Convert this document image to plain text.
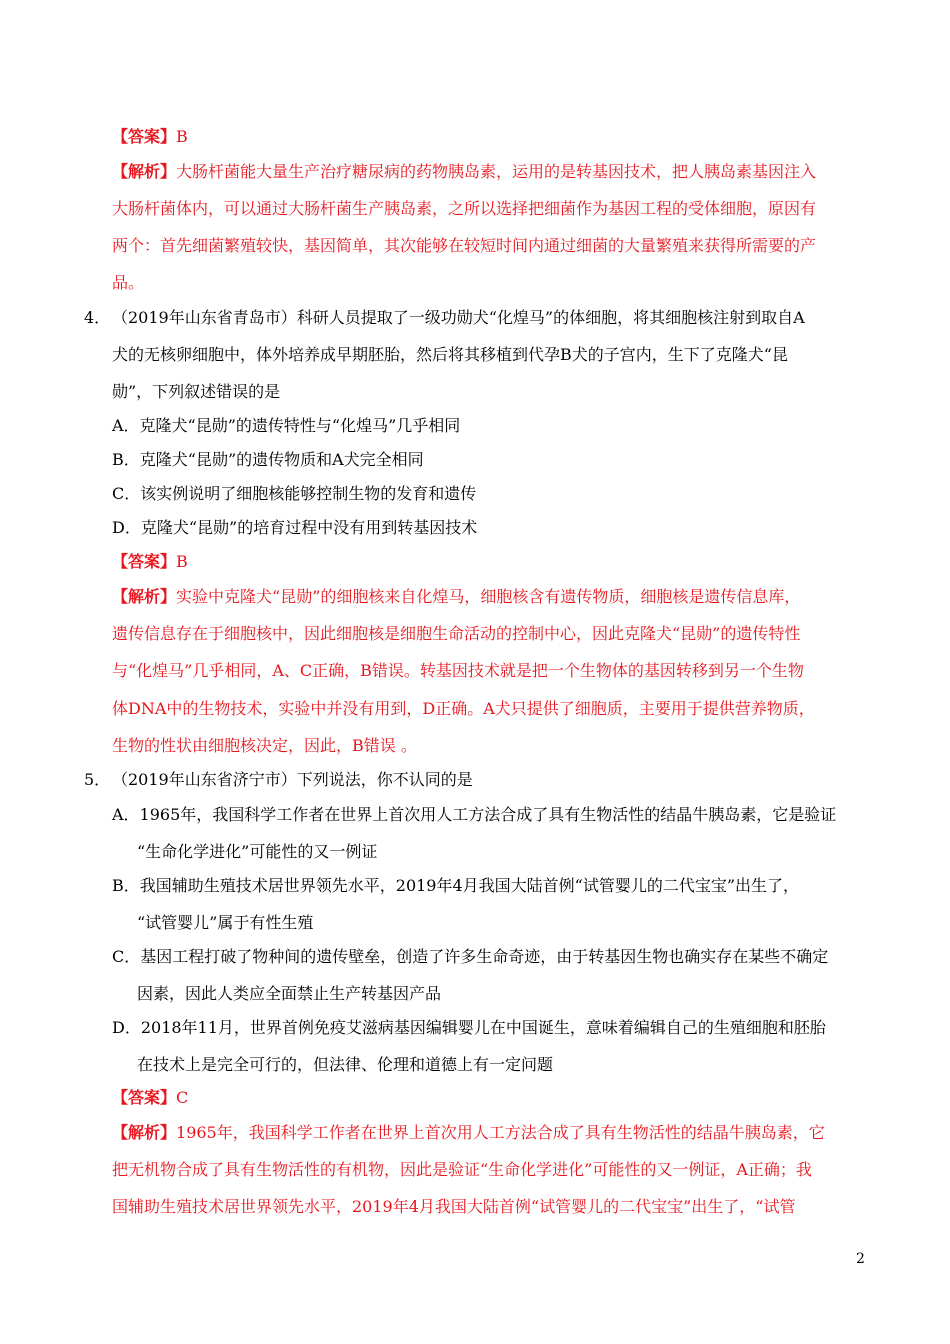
【答案】B
【解析】大肠杆菌能大量生产治疗糖尿病的药物胰岛素，运用的是转基因技术，把人胰岛素基因注入
大肠杆菌体内，可以通过大肠杆菌生产胰岛素，之所以选择把细菌作为基因工程的受体细胞，原因有
两个：首先细菌繁殖较快，基因简单，其次能够在较短时间内通过细菌的大量繁殖来获得所需要的产
品。
4． （2019年山东省青岛市）科研人员提取了一级功勋犬“化煌马”的体细胞，将其细胞核注射到取自A
犬的无核卵细胞中，体外培养成早期胚胎，然后将其移植到代孕B犬的子宫内，生下了克隆犬“昆
勋”，下列叙述错误的是
A．克隆犬“昆勋”的遗传特性与“化煌马”几乎相同
B．克隆犬“昆勋”的遗传物质和A犬完全相同
C．该实例说明了细胞核能够控制生物的发育和遗传
D．克隆犬“昆勋”的培育过程中没有用到转基因技术
【答案】B
【解析】实验中克隆犬“昆勋”的细胞核来自化煌马，细胞核含有遗传物质，细胞核是遗传信息库，
遗传信息存在于细胞核中，因此细胞核是细胞生命活动的控制中心，因此克隆犬“昆勋”的遗传特性
与“化煌马”几乎相同，A、C正确，B错误。转基因技术就是把一个生物体的基因转移到另一个生物
体DNA中的生物技术，实验中并没有用到，D正确。A犬只提供了细胞质，主要用于提供营养物质，
生物的性状由细胞核决定，因此，B错误 。
5． （2019年山东省济宁市）下列说法，你不认同的是
A．1965年，我国科学工作者在世界上首次用人工方法合成了具有生物活性的结晶牛胰岛素，它是验证
“生命化学进化”可能性的又一例证
B．我国辅助生殖技术居世界领先水平，2019年4月我国大陆首例“试管婴儿的二代宝宝”出生了，
“试管婴儿”属于有性生殖
C．基因工程打破了物种间的遗传壁垒，创造了许多生命奇迹，由于转基因生物也确实存在某些不确定
因素，因此人类应全面禁止生产转基因产品
D．2018年11月，世界首例免疫艾滋病基因编辑婴儿在中国诞生，意味着编辑自己的生殖细胞和胚胎
在技术上是完全可行的，但法律、伦理和道德上有一定问题
【答案】C
【解析】1965年，我国科学工作者在世界上首次用人工方法合成了具有生物活性的结晶牛胰岛素，它
把无机物合成了具有生物活性的有机物，因此是验证“生命化学进化”可能性的又一例证，A正确；我
国辅助生殖技术居世界领先水平，2019年4月我国大陆首例“试管婴儿的二代宝宝”出生了，“试管
2
